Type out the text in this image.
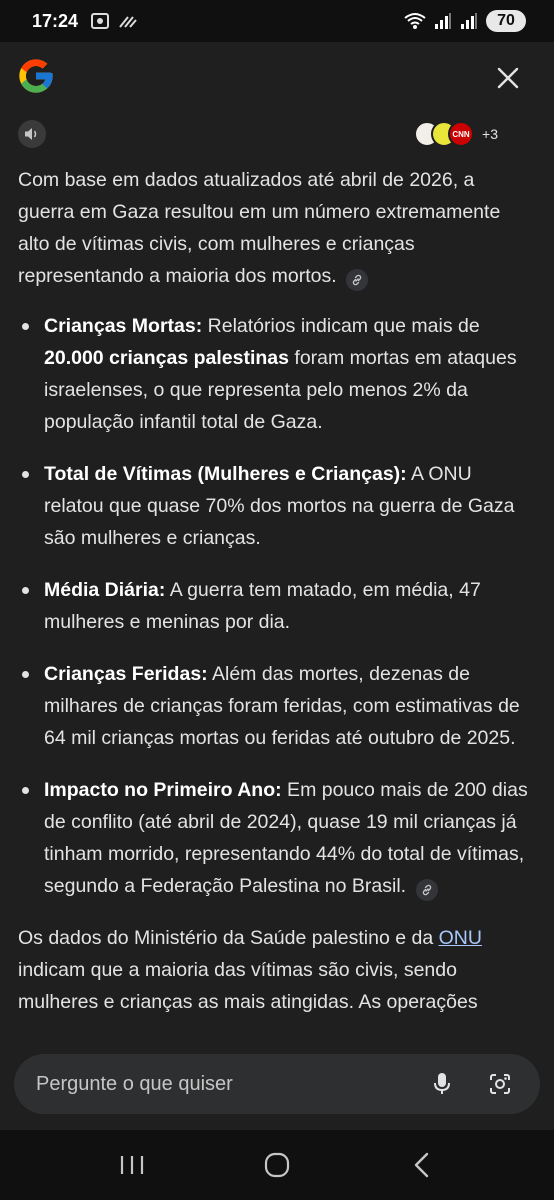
17:24	70
CNN +3

Com base em dados atualizados até abril de 2026, a guerra em Gaza resultou em um número extremamente alto de vítimas civis, com mulheres e crianças representando a maioria dos mortos.

Crianças Mortas: Relatórios indicam que mais de 20.000 crianças palestinas foram mortas em ataques israelenses, o que representa pelo menos 2% da população infantil total de Gaza.
Total de Vítimas (Mulheres e Crianças): A ONU relatou que quase 70% dos mortos na guerra de Gaza são mulheres e crianças.
Média Diária: A guerra tem matado, em média, 47 mulheres e meninas por dia.
Crianças Feridas: Além das mortes, dezenas de milhares de crianças foram feridas, com estimativas de 64 mil crianças mortas ou feridas até outubro de 2025.
Impacto no Primeiro Ano: Em pouco mais de 200 dias de conflito (até abril de 2024), quase 19 mil crianças já tinham morrido, representando 44% do total de vítimas, segundo a Federação Palestina no Brasil.

Os dados do Ministério da Saúde palestino e da ONU indicam que a maioria das vítimas são civis, sendo mulheres e crianças as mais atingidas. As operações

Pergunte o que quiser
